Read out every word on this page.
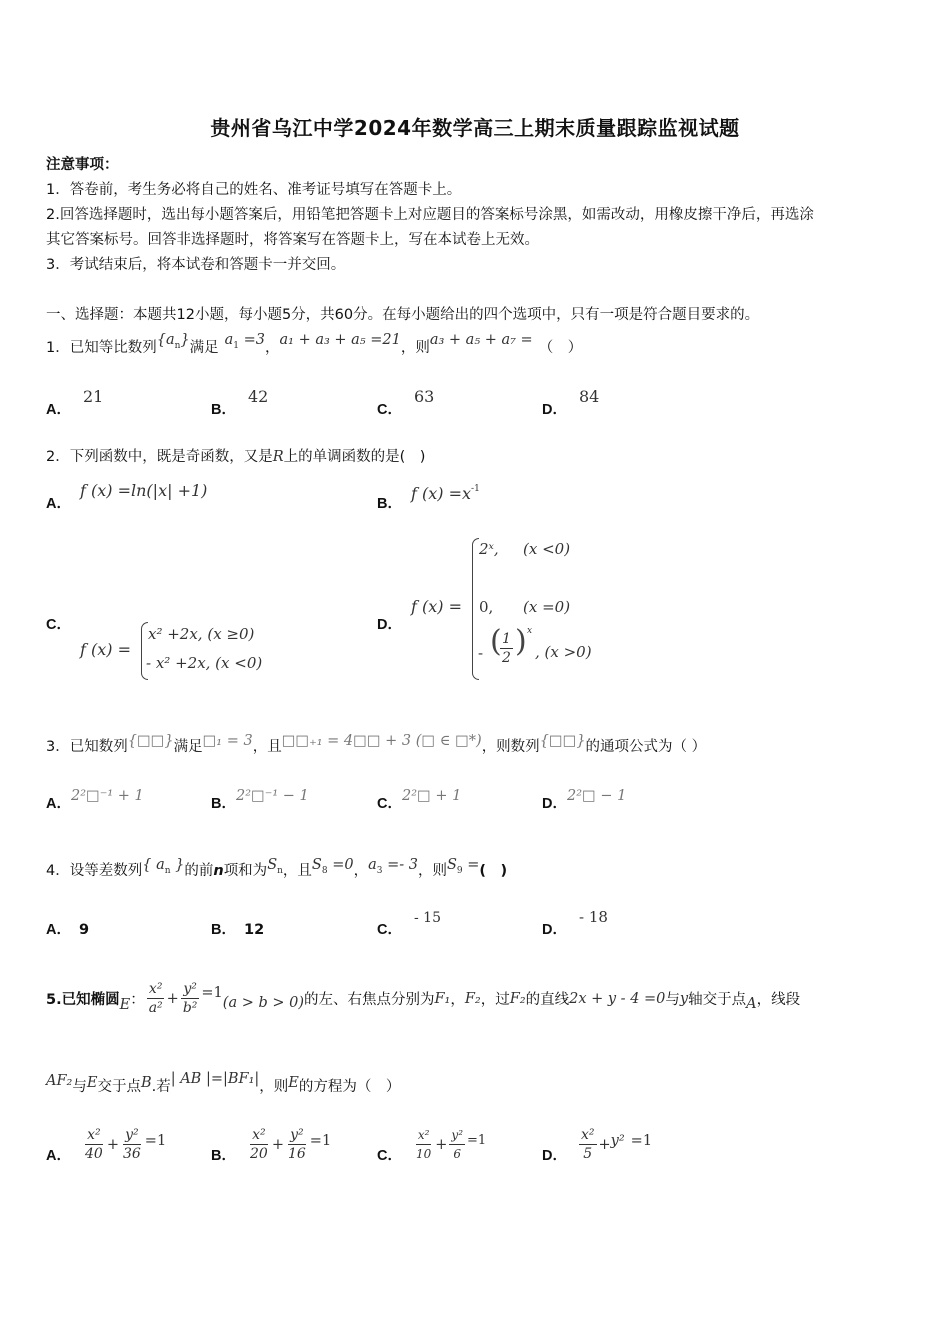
贵州省乌江中学2024年数学高三上期末质量跟踪监视试题
注意事项：
1．答卷前，考生务必将自己的姓名、准考证号填写在答题卡上。
2.回答选择题时，选出每小题答案后，用铅笔把答题卡上对应题目的答案标号涂黑，如需改动，用橡皮擦干净后，再选涂
其它答案标号。回答非选择题时，将答案写在答题卡上，写在本试卷上无效。
3．考试结束后，将本试卷和答题卡一并交回。
一、选择题：本题共12小题，每小题5分，共60分。在每小题给出的四个选项中，只有一项是符合题目要求的。
1．已知等比数列$\{a_n\}$满足 $a_1 =3$，a₁ + a₃ + a₅ =21，则a₃ + a₅ + a₇ = （　）
A．21
B．42
C．63
D．84
2．下列函数中，既是奇函数，又是R上的单调函数的是(　)
A．
f (x) =ln(|x| +1)
B．
f $(x) =x^{-1}$
C．
f (x) =
x² +2x, (x ≥0)
- x² +2x, (x <0)
D．
f (x) =
2ˣ, (x <0)
0, (x =0)
- (
$\frac{1}{2}$ ) x
, (x >0)
3．已知数列{□□}满足□₁ = 3，且□□₊₁ = 4□□ + 3 (□ ∈ □*)，则数列{□□}的通项公式为（ ）
A．2²□⁻¹ + 1	B．2²□⁻¹ − 1	C．2²□ + 1	D．2²□ − 1
4．设等差数列{ $a_n$ }的前n项和为$S_n$，且$S_8 =0$，$a_3 =- 3$，则$S_9$ =(　)
A． 9	B． 12	C．- 15
D．- 18
5.已知椭圆 E ： $\frac{\text{x²}}{\text{a²}} + \frac{\text{y²}}{\text{b²}} =1$
(a > b > 0) 的左、右焦点分别为 F₁ ， F₂ ，过 F₂ 的直线 2x + y - 4 =0 与 y 轴交于点 A ，线段
AF₂与E交于点B.若| AB |=|BF₁|，则E的方程为（　）
A． $\frac{\text{x²}}{40} + \frac{\text{y²}}{36} =1$
B． $\frac{\text{x²}}{20} + \frac{\text{y²}}{16} =1$
C． $\frac{\text{x²}}{10} + \frac{\text{y²}}{6} =1$
D． $\frac{\text{x²}}{5} + y^2 =1$
